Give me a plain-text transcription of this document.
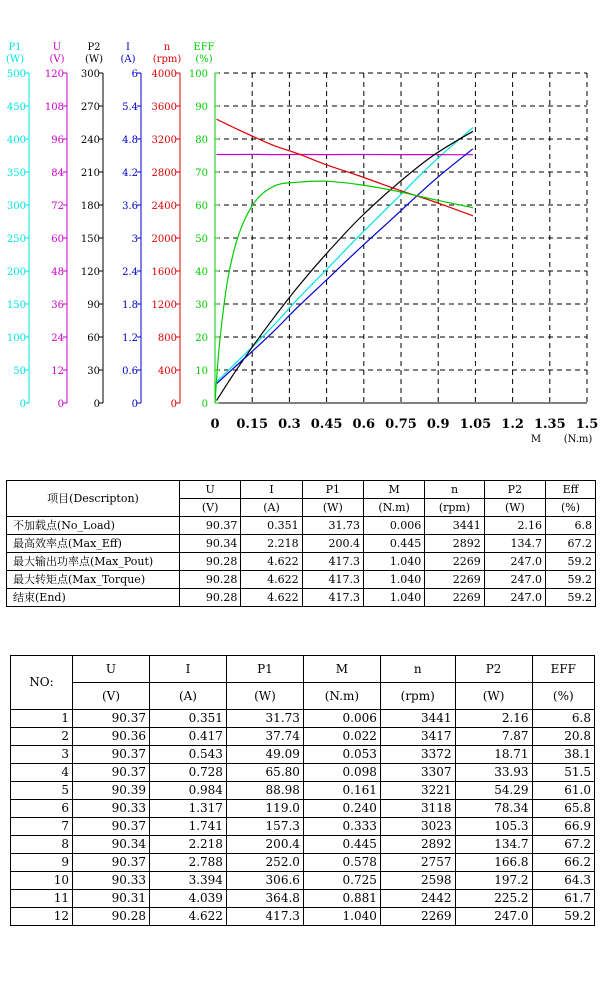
0 0.15 0.3 0.45 0.6 0.75 0.9 1.05 1.2 1.35 1.5
M (N.m)
P1
(W)
0
50
100
150
200
250
300
350
400
450
500
U
(V)
0
12
24
36
48
60
72
84
96
108
120
P2
(W)
0
30
60
90
120
150
180
210
240
270
300
I
(A)
0
0.6
1.2
1.8
2.4
3
3.6
4.2
4.8
5.4
6
n
(rpm)
0
400
800
1200
1600
2000
2400
2800
3200
3600
4000
EFF
(%)
0
10
20
30
40
50
60
70
80
90
100
项目(Descripton)	U	I	P1	M	n	P2	Eff
	(V)	(A)	(W)	(N.m)	(rpm)	(W)	(%)
不加载点(No_Load)	90.37	0.351	31.73	0.006	3441	2.16	6.8
最高效率点(Max_Eff)	90.34	2.218	200.4	0.445	2892	134.7	67.2
最大输出功率点(Max_Pout)	90.28	4.622	417.3	1.040	2269	247.0	59.2
最大转矩点(Max_Torque)	90.28	4.622	417.3	1.040	2269	247.0	59.2
结束(End)	90.28	4.622	417.3	1.040	2269	247.0	59.2
NO:	U	I	P1	M	n	P2	EFF
	(V)	(A)	(W)	(N.m)	(rpm)	(W)	(%)
1	90.37	0.351	31.73	0.006	3441	2.16	6.8
2	90.36	0.417	37.74	0.022	3417	7.87	20.8
3	90.37	0.543	49.09	0.053	3372	18.71	38.1
4	90.37	0.728	65.80	0.098	3307	33.93	51.5
5	90.39	0.984	88.98	0.161	3221	54.29	61.0
6	90.33	1.317	119.0	0.240	3118	78.34	65.8
7	90.37	1.741	157.3	0.333	3023	105.3	66.9
8	90.34	2.218	200.4	0.445	2892	134.7	67.2
9	90.37	2.788	252.0	0.578	2757	166.8	66.2
10	90.33	3.394	306.6	0.725	2598	197.2	64.3
11	90.31	4.039	364.8	0.881	2442	225.2	61.7
12	90.28	4.622	417.3	1.040	2269	247.0	59.2
